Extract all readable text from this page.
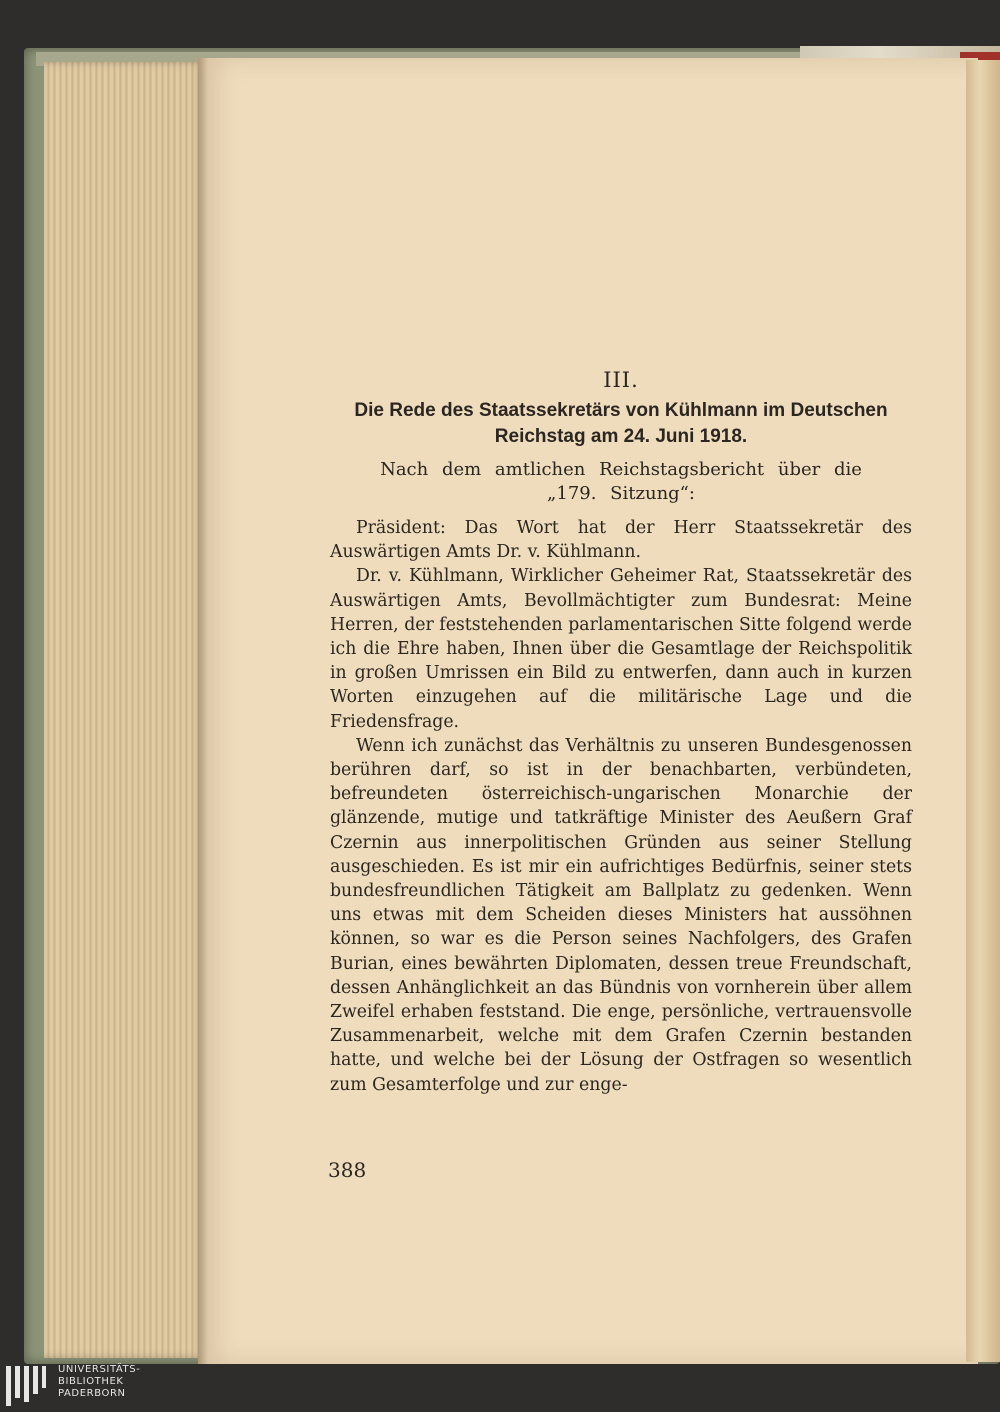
III.
Die Rede des Staatssekretärs von Kühlmann im Deutschen
Reichstag am 24. Juni 1918.
Nach dem amtlichen Reichstagsbericht über die
„179. Sitzung“:

Präsident: Das Wort hat der Herr Staatssekretär des Auswärtigen Amts Dr. v. Kühlmann.

Dr. v. Kühlmann, Wirklicher Geheimer Rat, Staatssekretär des Auswärtigen Amts, Bevollmächtigter zum Bundesrat: Meine Herren, der feststehenden parlamentarischen Sitte folgend werde ich die Ehre haben, Ihnen über die Gesamtlage der Reichspolitik in großen Umrissen ein Bild zu entwerfen, dann auch in kurzen Worten einzugehen auf die militärische Lage und die Friedensfrage.

Wenn ich zunächst das Verhältnis zu unseren Bundesgenossen berühren darf, so ist in der benachbarten, verbündeten, befreundeten österreichisch-ungarischen Monarchie der glänzende, mutige und tatkräftige Minister des Aeußern Graf Czernin aus innerpolitischen Gründen aus seiner Stellung ausgeschieden. Es ist mir ein aufrichtiges Bedürfnis, seiner stets bundesfreundlichen Tätigkeit am Ballplatz zu gedenken. Wenn uns etwas mit dem Scheiden dieses Ministers hat aussöhnen können, so war es die Person seines Nachfolgers, des Grafen Burian, eines bewährten Diplomaten, dessen treue Freundschaft, dessen Anhänglichkeit an das Bündnis von vornherein über allem Zweifel erhaben feststand. Die enge, persönliche, vertrauensvolle Zusammenarbeit, welche mit dem Grafen Czernin bestanden hatte, und welche bei der Lösung der Ostfragen so wesentlich zum Gesamterfolge und zur enge-

388
UNIVERSITÄTS-
BIBLIOTHEK
PADERBORN
